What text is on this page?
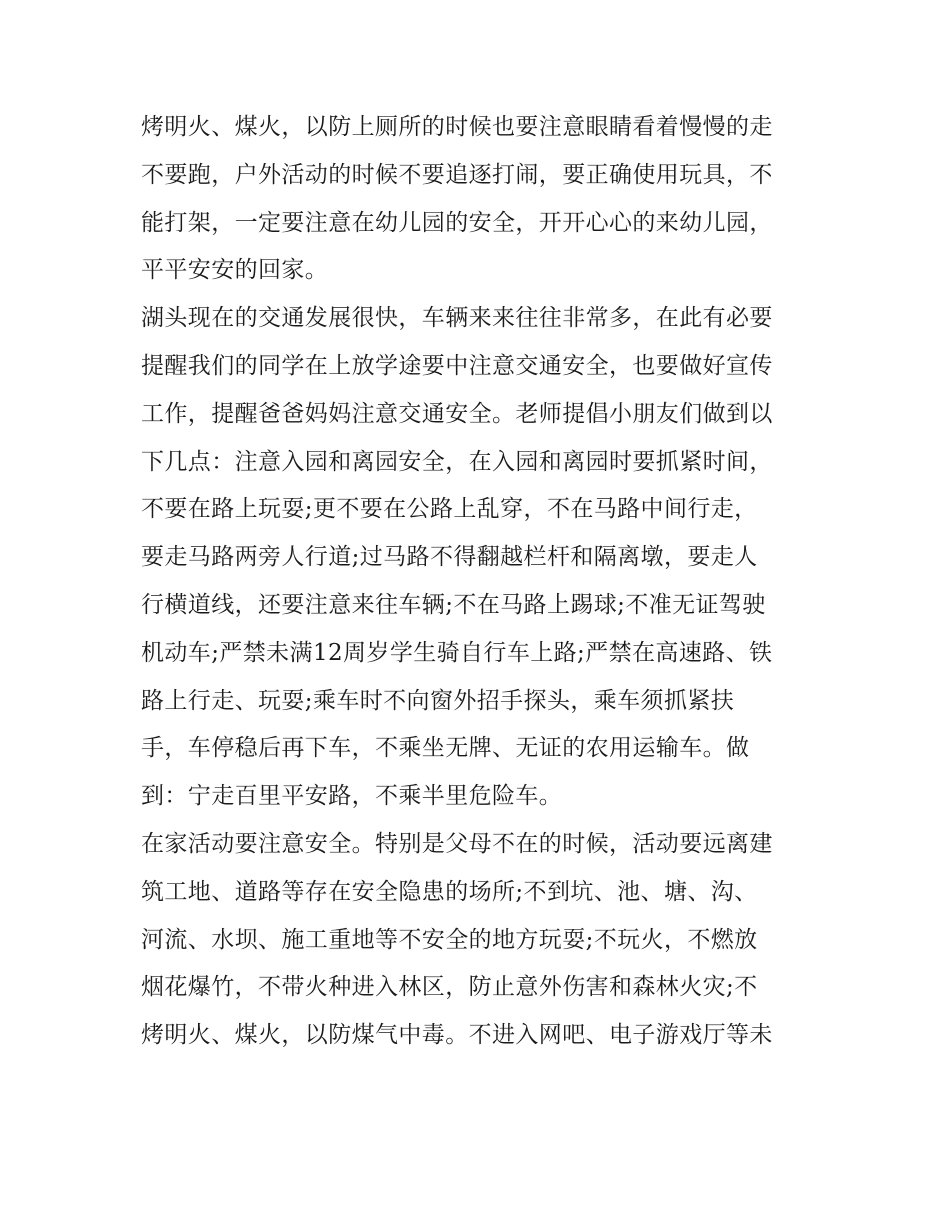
烤明火、煤火，以防上厕所的时候也要注意眼睛看着慢慢的走
不要跑，户外活动的时候不要追逐打闹，要正确使用玩具，不
能打架，一定要注意在幼儿园的安全，开开心心的来幼儿园，
平平安安的回家。
湖头现在的交通发展很快，车辆来来往往非常多，在此有必要
提醒我们的同学在上放学途要中注意交通安全，也要做好宣传
工作，提醒爸爸妈妈注意交通安全。老师提倡小朋友们做到以
下几点：注意入园和离园安全，在入园和离园时要抓紧时间，
不要在路上玩耍;更不要在公路上乱穿，不在马路中间行走，
要走马路两旁人行道;过马路不得翻越栏杆和隔离墩，要走人
行横道线，还要注意来往车辆;不在马路上踢球;不准无证驾驶
机动车;严禁未满12周岁学生骑自行车上路;严禁在高速路、铁
路上行走、玩耍;乘车时不向窗外招手探头，乘车须抓紧扶
手，车停稳后再下车，不乘坐无牌、无证的农用运输车。做
到：宁走百里平安路，不乘半里危险车。
在家活动要注意安全。特别是父母不在的时候，活动要远离建
筑工地、道路等存在安全隐患的场所;不到坑、池、塘、沟、
河流、水坝、施工重地等不安全的地方玩耍;不玩火，不燃放
烟花爆竹，不带火种进入林区，防止意外伤害和森林火灾;不
烤明火、煤火，以防煤气中毒。不进入网吧、电子游戏厅等未
